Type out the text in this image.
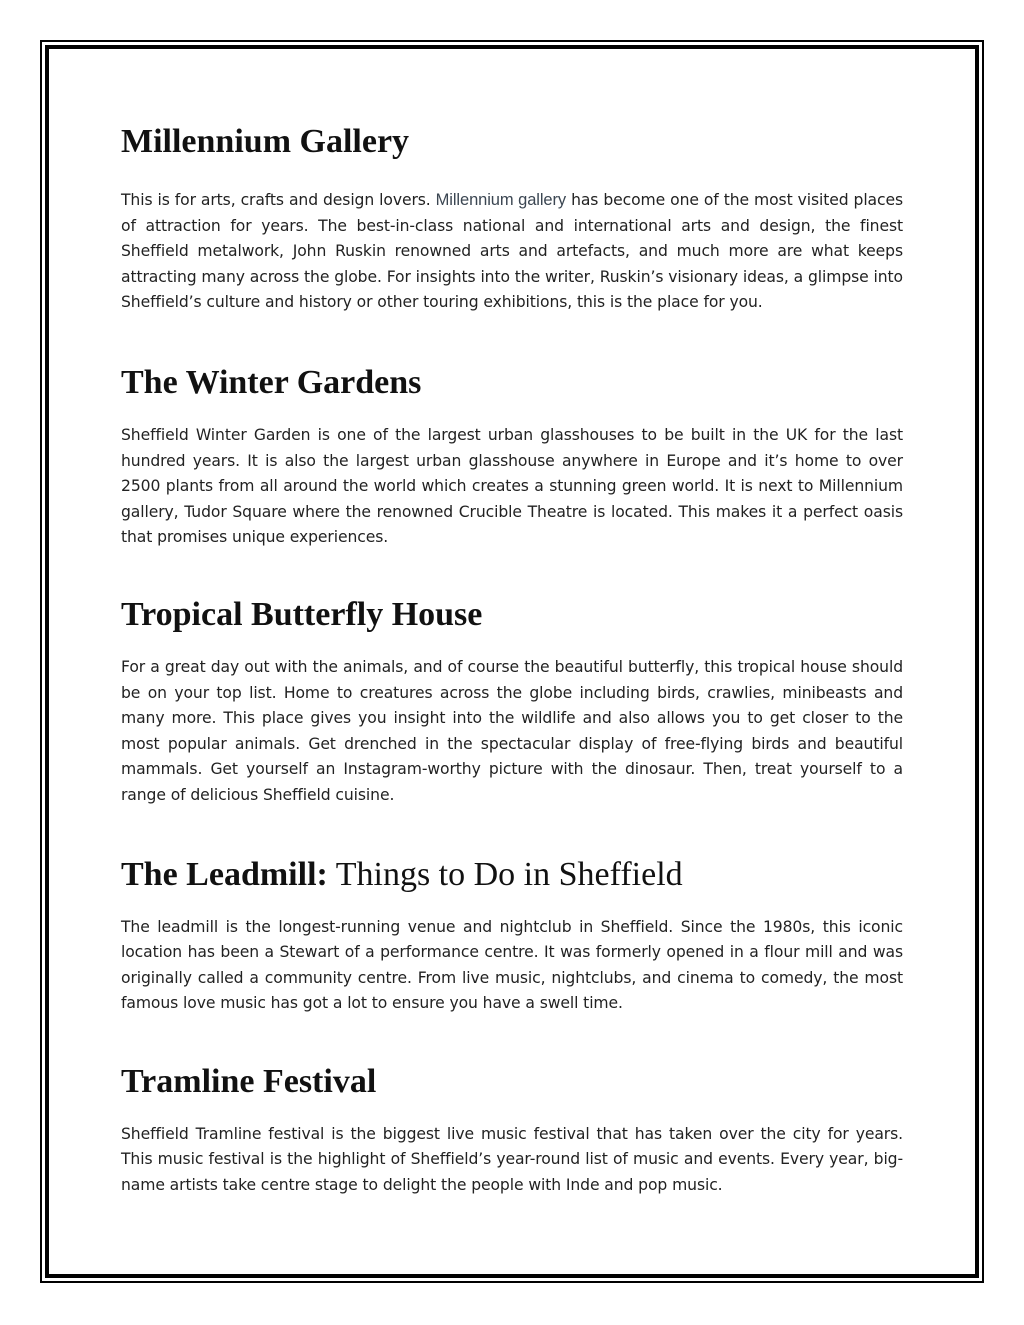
Millennium Gallery

This is for arts, crafts and design lovers. Millennium gallery has become one of the most visited places of attraction for years. The best-in-class national and international arts and design, the finest Sheffield metalwork, John Ruskin renowned arts and artefacts, and much more are what keeps attracting many across the globe. For insights into the writer, Ruskin’s visionary ideas, a glimpse into Sheffield’s culture and history or other touring exhibitions, this is the place for you.

The Winter Gardens

Sheffield Winter Garden is one of the largest urban glasshouses to be built in the UK for the last hundred years. It is also the largest urban glasshouse anywhere in Europe and it’s home to over 2500 plants from all around the world which creates a stunning green world. It is next to Millennium gallery, Tudor Square where the renowned Crucible Theatre is located. This makes it a perfect oasis that promises unique experiences.

Tropical Butterfly House

For a great day out with the animals, and of course the beautiful butterfly, this tropical house should be on your top list. Home to creatures across the globe including birds, crawlies, minibeasts and many more. This place gives you insight into the wildlife and also allows you to get closer to the most popular animals. Get drenched in the spectacular display of free-flying birds and beautiful mammals. Get yourself an Instagram-worthy picture with the dinosaur. Then, treat yourself to a range of delicious Sheffield cuisine.

The Leadmill: Things to Do in Sheffield

The leadmill is the longest-running venue and nightclub in Sheffield. Since the 1980s, this iconic location has been a Stewart of a performance centre. It was formerly opened in a flour mill and was originally called a community centre. From live music, nightclubs, and cinema to comedy, the most famous love music has got a lot to ensure you have a swell time.

Tramline Festival

Sheffield Tramline festival is the biggest live music festival that has taken over the city for years. This music festival is the highlight of Sheffield’s year-round list of music and events. Every year, big-name artists take centre stage to delight the people with Inde and pop music.
